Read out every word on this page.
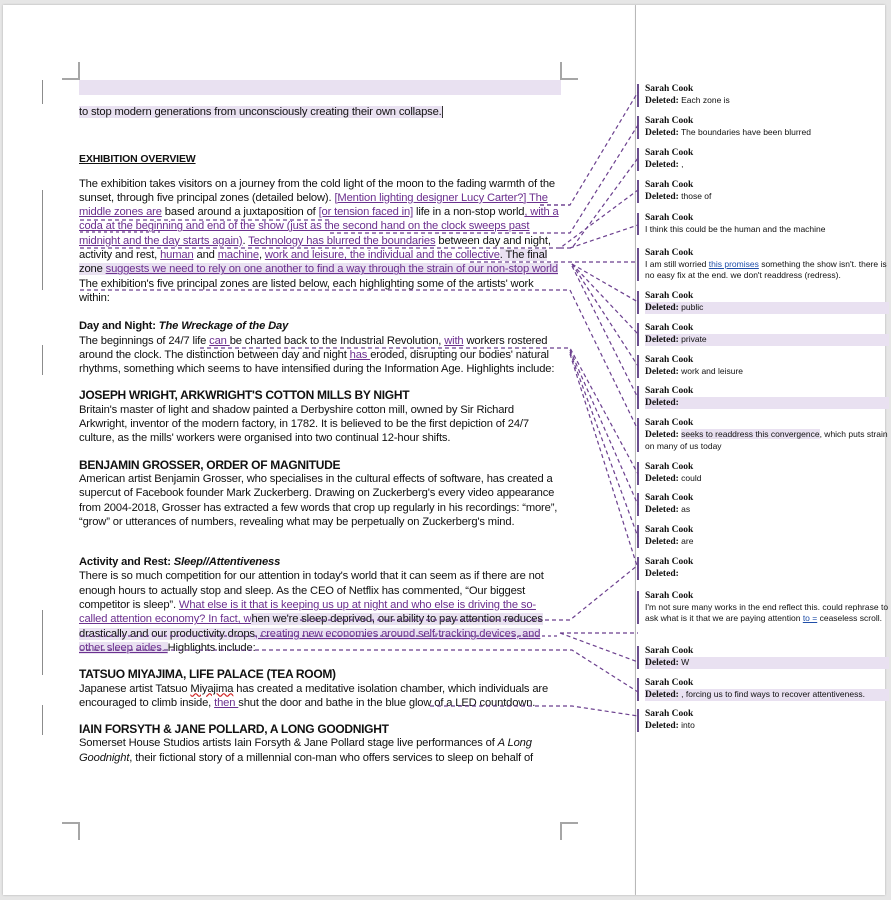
to stop modern generations from unconsciously creating their own collapse.

EXHIBITION OVERVIEW

The exhibition takes visitors on a journey from the cold light of the moon to the fading warmth of the sunset, through five principal zones (detailed below). [Mention lighting designer Lucy Carter?] The middle zones are based around a juxtaposition of [or tension faced in] life in a non-stop world, with a coda at the beginning and end of the show (just as the second hand on the clock sweeps past midnight and the day starts again). Technology has blurred the boundaries between day and night, activity and rest, human and machine, work and leisure, the individual and the collective. The final zone suggests we need to rely on one another to find a way through the strain of our non-stop world

The exhibition's five principal zones are listed below, each highlighting some of the artists' work within:

Day and Night: The Wreckage of the Day

The beginnings of 24/7 life can be charted back to the Industrial Revolution, with workers rostered around the clock. The distinction between day and night has eroded, disrupting our bodies' natural rhythms, something which seems to have intensified during the Information Age. Highlights include:

JOSEPH WRIGHT, ARKWRIGHT'S COTTON MILLS BY NIGHT

Britain's master of light and shadow painted a Derbyshire cotton mill, owned by Sir Richard Arkwright, inventor of the modern factory, in 1782. It is believed to be the first depiction of 24/7 culture, as the mills' workers were organised into two continual 12-hour shifts.

BENJAMIN GROSSER, ORDER OF MAGNITUDE

American artist Benjamin Grosser, who specialises in the cultural effects of software, has created a supercut of Facebook founder Mark Zuckerberg. Drawing on Zuckerberg's every video appearance from 2004-2018, Grosser has extracted a few words that crop up regularly in his recordings: “more”, “grow” or utterances of numbers, revealing what may be perpetually on Zuckerberg's mind.

Activity and Rest: Sleep//Attentiveness

There is so much competition for our attention in today's world that it can seem as if there are not enough hours to actually stop and sleep. As the CEO of Netflix has commented, “Our biggest competitor is sleep”. What else is it that is keeping us up at night and who else is driving the so-called attention economy? In fact, when we're sleep deprived, our ability to pay attention reduces drastically and our productivity drops, creating new economies around self-tracking devices, and other sleep aides. Highlights include:

TATSUO MIYAJIMA, LIFE PALACE (TEA ROOM)

Japanese artist Tatsuo Miyajima has created a meditative isolation chamber, which individuals are encouraged to climb inside, then shut the door and bathe in the blue glow of a LED countdown.

IAIN FORSYTH & JANE POLLARD, A LONG GOODNIGHT

Somerset House Studios artists Iain Forsyth & Jane Pollard stage live performances of A Long Goodnight, their fictional story of a millennial con-man who offers services to sleep on behalf of

Sarah Cook
Deleted: Each zone is
Sarah Cook
Deleted: The boundaries have been blurred
Sarah Cook
Deleted: ,
Sarah Cook
Deleted: those of
Sarah Cook
I think this could be the human and the machine
Sarah Cook
I am still worried this promises something the show isn't. there is no easy fix at the end. we don't readdress (redress).
Sarah Cook
Deleted: public
Sarah Cook
Deleted: private
Sarah Cook
Deleted: work and leisure
Sarah Cook
Deleted:
Sarah Cook
Deleted: seeks to readdress this convergence, which puts strain on many of us today
Sarah Cook
Deleted: could
Sarah Cook
Deleted: as
Sarah Cook
Deleted: are
Sarah Cook
Deleted:
Sarah Cook
I'm not sure many works in the end reflect this. could rephrase to ask what is it that we are paying attention to = ceaseless scroll.
Sarah Cook
Deleted: W
Sarah Cook
Deleted: , forcing us to find ways to recover attentiveness.
Sarah Cook
Deleted: into
